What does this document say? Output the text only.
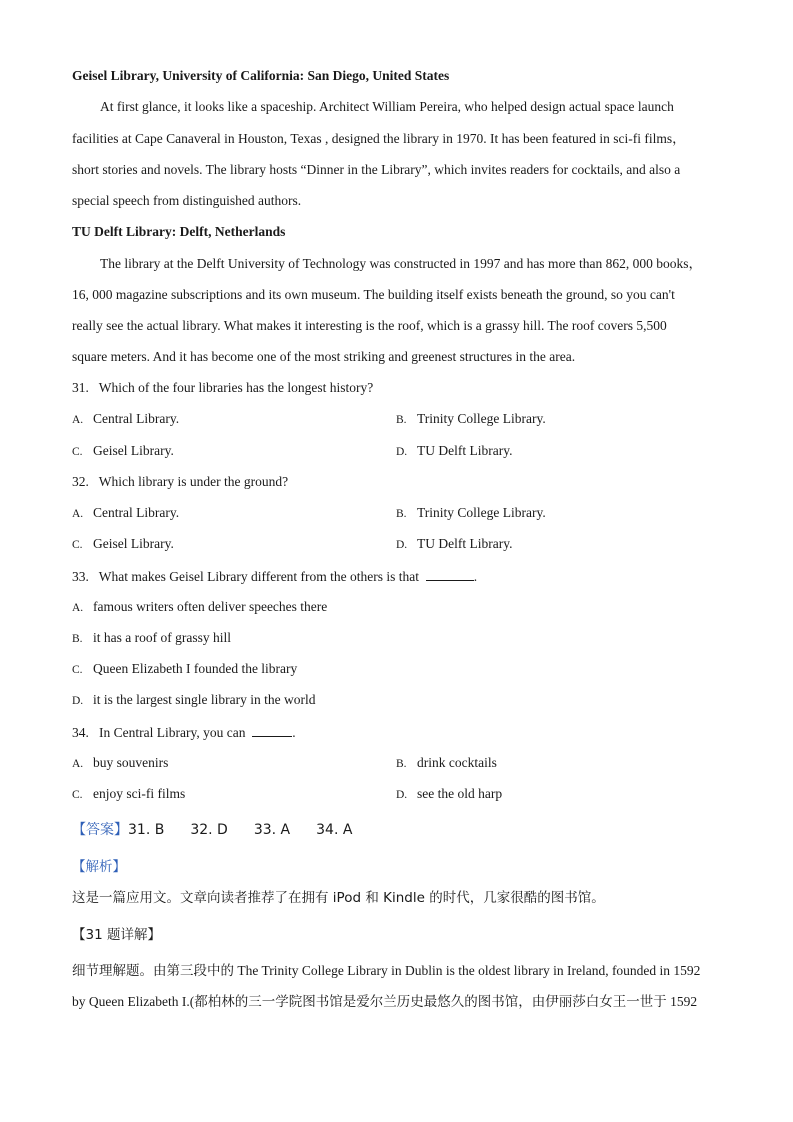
Geisel Library, University of California: San Diego, United States
At first glance, it looks like a spaceship. Architect William Pereira, who helped design actual space launch
facilities at Cape Canaveral in Houston, Texas , designed the library in 1970. It has been featured in sci-fi films，
short stories and novels. The library hosts “Dinner in the Library”, which invites readers for cocktails, and also a
special speech from distinguished authors.
TU Delft Library: Delft, Netherlands
The library at the Delft University of Technology was constructed in 1997 and has more than 862, 000 books，
16, 000 magazine subscriptions and its own museum. The building itself exists beneath the ground, so you can't
really see the actual library. What makes it interesting is the roof, which is a grassy hill. The roof covers 5,500
square meters. And it has become one of the most striking and greenest structures in the area.
31. Which of the four libraries has the longest history?
A. Central Library.	B. Trinity College Library.
C. Geisel Library.	D. TU Delft Library.
32. Which library is under the ground?
A. Central Library.	B. Trinity College Library.
C. Geisel Library.	D. TU Delft Library.
33. What makes Geisel Library different from the others is that	.
A. famous writers often deliver speeches there
B. it has a roof of grassy hill
C. Queen Elizabeth I founded the library
D. it is the largest single library in the world
34. In Central Library, you can	.
A. buy souvenirs	B. drink cocktails
C. enjoy sci-fi films	D. see the old harp
【答案】31. B 32. D 33. A 34. A
【解析】
这是一篇应用文。文章向读者推荐了在拥有 iPod 和 Kindle 的时代，几家很酷的图书馆。
【31 题详解】
细节理解题。由第三段中的 The Trinity College Library in Dublin is the oldest library in Ireland, founded in 1592
by Queen Elizabeth I.(都柏林的三一学院图书馆是爱尔兰历史最悠久的图书馆，由伊丽莎白女王一世于 1592
